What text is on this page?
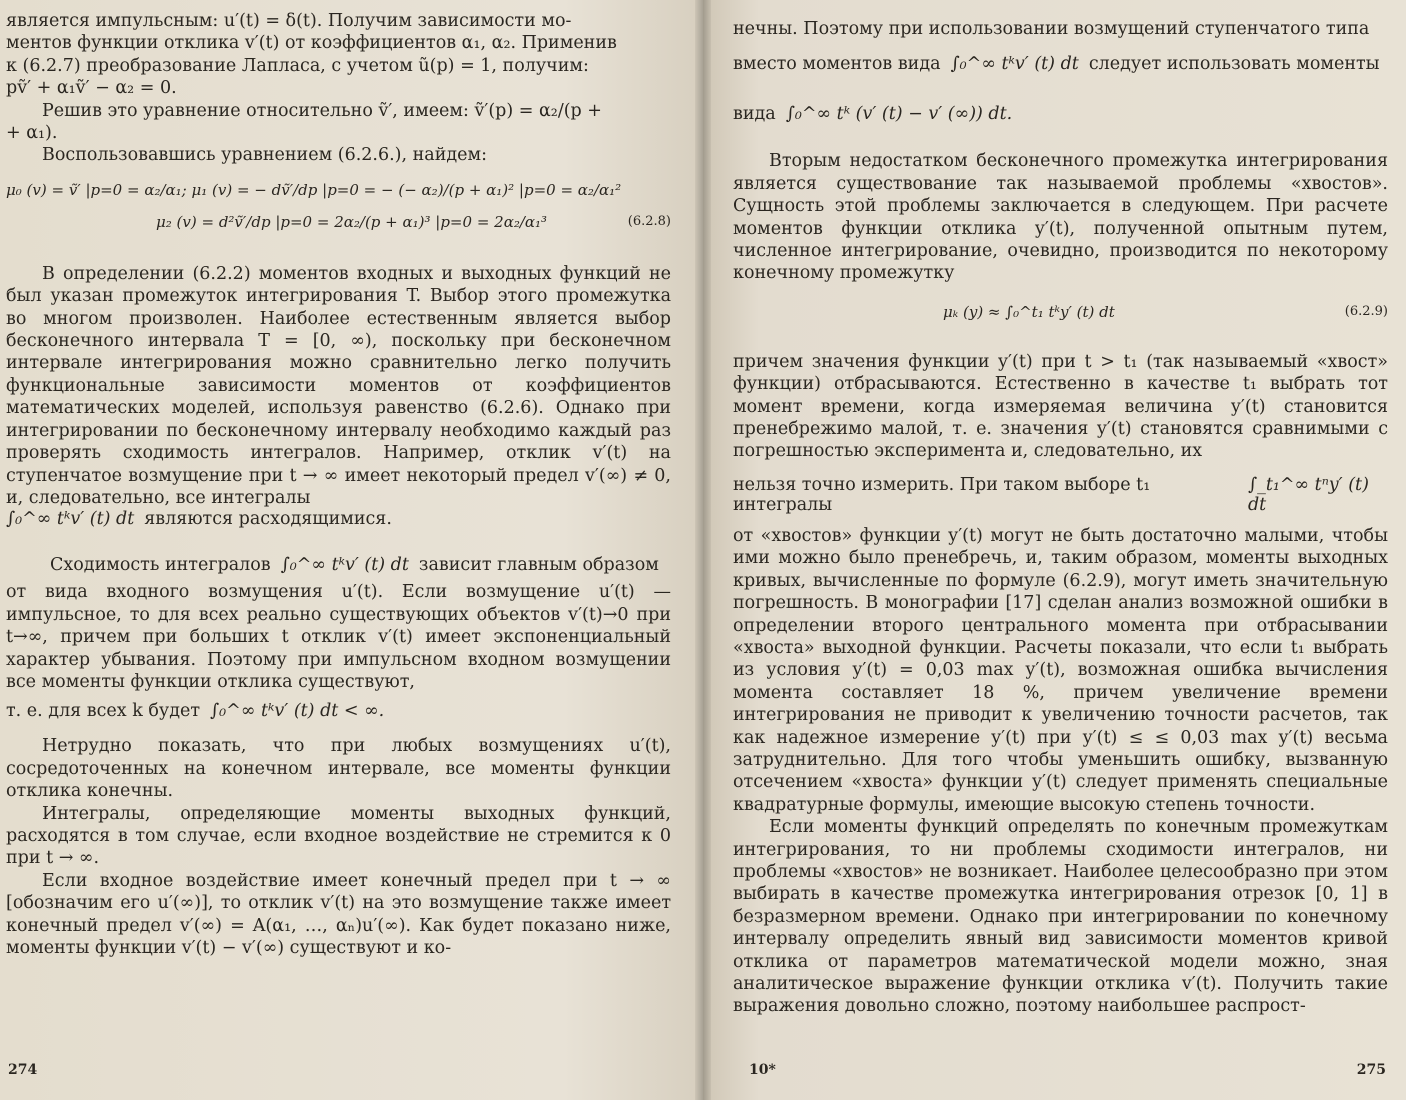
является импульсным: u′(t) = δ(t). Получим зависимости мо-

ментов функции отклика v′(t) от коэффициентов α₁, α₂. Применив

к (6.2.7) преобразование Лапласа, с учетом ũ(p) = 1, получим:

pṽ′ + α₁ṽ′ − α₂ = 0.

Решив это уравнение относительно ṽ′, имеем: ṽ′(p) = α₂/(p +

+ α₁).

Воспользовавшись уравнением (6.2.6.), найдем:

μ₀ (v) = ṽ′ |p=0 = α₂/α₁; μ₁ (v) = − dṽ′/dp |p=0 = − (− α₂)/(p + α₁)² |p=0 = α₂/α₁²
μ₂ (v) = d²ṽ′/dp |p=0 = 2α₂/(p + α₁)³ |p=0 = 2α₂/α₁³	(6.2.8)

В определении (6.2.2) моментов входных и выходных функций не был указан промежуток интегрирования T. Выбор этого промежутка во многом произволен. Наиболее естественным является выбор бесконечного интервала T = [0, ∞), поскольку при бесконечном интервале интегрирования можно сравнительно легко получить функциональные зависимости моментов от коэффициентов математических моделей, используя равенство (6.2.6). Однако при интегрировании по бесконечному интервалу необходимо каждый раз проверять сходимость интегралов. Например, отклик v′(t) на ступенчатое возмущение при t → ∞ имеет некоторый предел v′(∞) ≠ 0, и, следовательно, все интегралы

∫₀^∞ tᵏv′ (t) dt являются расходящимися.
Сходимость интегралов ∫₀^∞ tᵏv′ (t) dt зависит главным образом

от вида входного возмущения u′(t). Если возмущение u′(t) — импульсное, то для всех реально существующих объектов v′(t)→0 при t→∞, причем при больших t отклик v′(t) имеет экспоненциальный характер убывания. Поэтому при импульсном входном возмущении все моменты функции отклика существуют,

т. е. для всех k будет ∫₀^∞ tᵏv′ (t) dt < ∞.

Нетрудно показать, что при любых возмущениях u′(t), сосредоточенных на конечном интервале, все моменты функции отклика конечны.

Интегралы, определяющие моменты выходных функций, расходятся в том случае, если входное воздействие не стремится к 0 при t → ∞.

Если входное воздействие имеет конечный предел при t → ∞ [обозначим его u′(∞)], то отклик v′(t) на это возмущение также имеет конечный предел v′(∞) = A(α₁, …, αₙ)u′(∞). Как будет показано ниже, моменты функции v′(t) − v′(∞) существуют и ко-

274

нечны. Поэтому при использовании возмущений ступенчатого типа

вместо моментов вида ∫₀^∞ tᵏv′ (t) dt следует использовать моменты
вида ∫₀^∞ tᵏ (v′ (t) − v′ (∞)) dt.

Вторым недостатком бесконечного промежутка интегрирования является существование так называемой проблемы «хвостов». Сущность этой проблемы заключается в следующем. При расчете моментов функции отклика y′(t), полученной опытным путем, численное интегрирование, очевидно, производится по некоторому конечному промежутку

μₖ (y) ≈ ∫₀^t₁ tᵏy′ (t) dt	(6.2.9)

причем значения функции y′(t) при t > t₁ (так называемый «хвост» функции) отбрасываются. Естественно в качестве t₁ выбрать тот момент времени, когда измеряемая величина y′(t) становится пренебрежимо малой, т. е. значения y′(t) становятся сравнимыми с погрешностью эксперимента и, следовательно, их

нельзя точно измерить. При таком выборе t₁ интегралы
∫_t₁^∞ tⁿy′ (t) dt

от «хвостов» функции y′(t) могут не быть достаточно малыми, чтобы ими можно было пренебречь, и, таким образом, моменты выходных кривых, вычисленные по формуле (6.2.9), могут иметь значительную погрешность. В монографии [17] сделан анализ возможной ошибки в определении второго центрального момента при отбрасывании «хвоста» выходной функции. Расчеты показали, что если t₁ выбрать из условия y′(t) = 0,03 max y′(t), возможная ошибка вычисления момента составляет 18 %, причем увеличение времени интегрирования не приводит к увеличению точности расчетов, так как надежное измерение y′(t) при y′(t) ≤ ≤ 0,03 max y′(t) весьма затруднительно. Для того чтобы уменьшить ошибку, вызванную отсечением «хвоста» функции y′(t) следует применять специальные квадратурные формулы, имеющие высокую степень точности.

Если моменты функций определять по конечным промежуткам интегрирования, то ни проблемы сходимости интегралов, ни проблемы «хвостов» не возникает. Наиболее целесообразно при этом выбирать в качестве промежутка интегрирования отрезок [0, 1] в безразмерном времени. Однако при интегрировании по конечному интервалу определить явный вид зависимости моментов кривой отклика от параметров математической модели можно, зная аналитическое выражение функции отклика v′(t). Получить такие выражения довольно сложно, поэтому наибольшее распрост-

10*	275
